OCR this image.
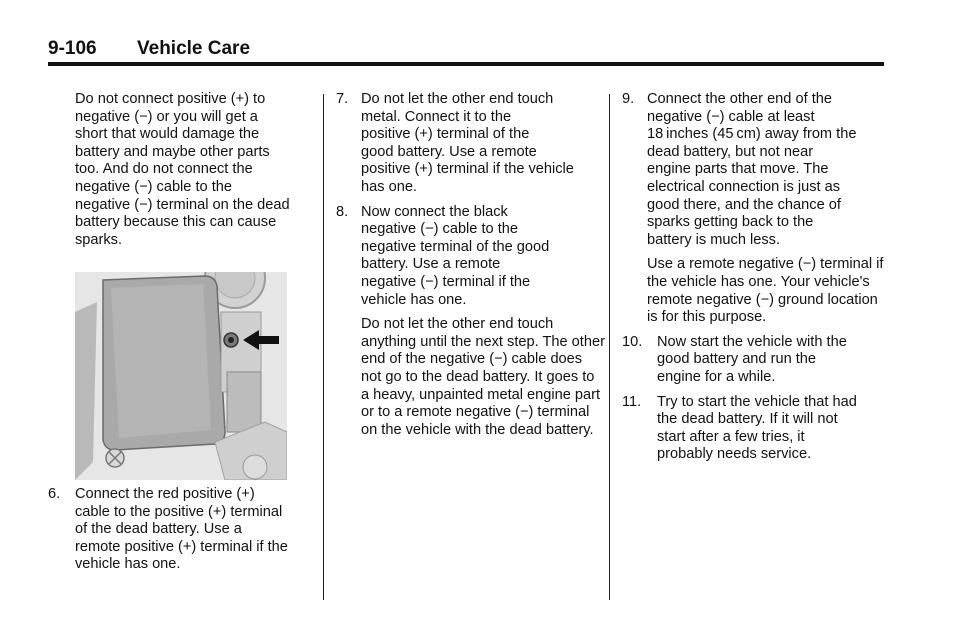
9-106 Vehicle Care

Do not connect positive (+) to
negative (−) or you will get a
short that would damage the
battery and maybe other parts
too. And do not connect the
negative (−) cable to the
negative (−) terminal on the dead
battery because this can cause
sparks.

6. Connect the red positive (+)
cable to the positive (+) terminal
of the dead battery. Use a
remote positive (+) terminal if the
vehicle has one.
7. Do not let the other end touch
metal. Connect it to the
positive (+) terminal of the
good battery. Use a remote
positive (+) terminal if the vehicle
has one.
8. Now connect the black
negative (−) cable to the
negative terminal of the good
battery. Use a remote
negative (−) terminal if the
vehicle has one.
Do not let the other end touch anything until the next step. The other end of the negative (−) cable does not go to the dead battery. It goes to a heavy, unpainted metal engine part or to a remote negative (−) terminal on the vehicle with the dead battery.
9. Connect the other end of the
negative (−) cable at least
18 inches (45 cm) away from the
dead battery, but not near
engine parts that move. The
electrical connection is just as
good there, and the chance of
sparks getting back to the
battery is much less.
Use a remote negative (−) terminal if the vehicle has one. Your vehicle's remote negative (−) ground location is for this purpose.
10. Now start the vehicle with the
good battery and run the
engine for a while.
11. Try to start the vehicle that had
the dead battery. If it will not
start after a few tries, it
probably needs service.
